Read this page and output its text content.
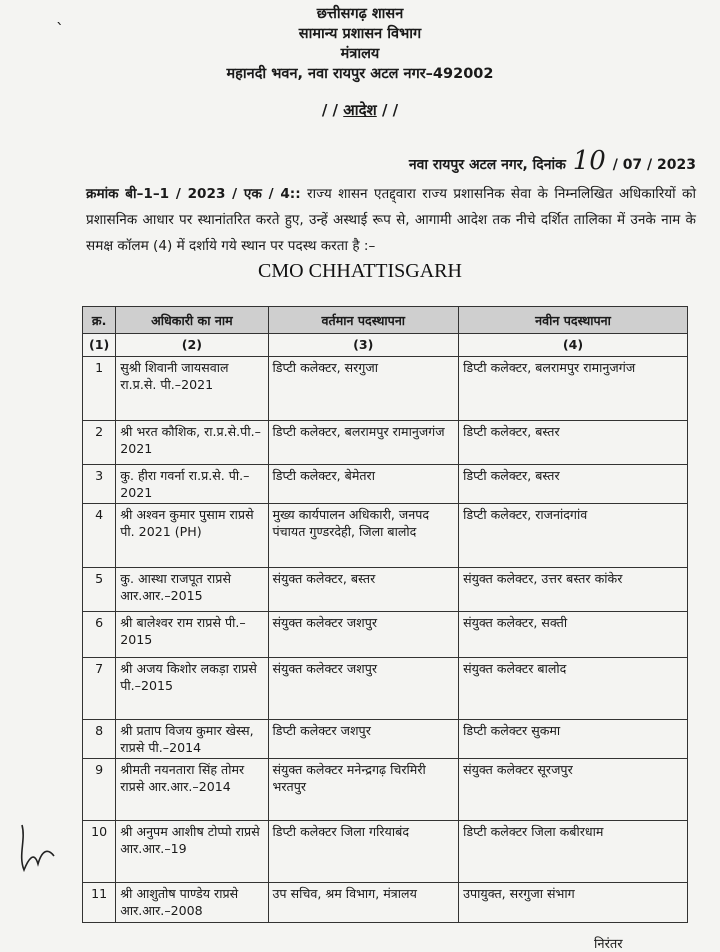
ˎ	छत्तीसगढ़ शासन
सामान्य प्रशासन विभाग
मंत्रालय
महानदी भवन, नवा रायपुर अटल नगर–492002
/ / आदेश / /
नवा रायपुर अटल नगर, दिनांक 10 / 07 / 2023
क्रमांक बी–1–1 / 2023 / एक / 4:: राज्य शासन एतद्द्वारा राज्य प्रशासनिक सेवा के निम्नलिखित अधिकारियों को प्रशासनिक आधार पर स्थानांतरित करते हुए, उन्हें अस्थाई रूप से, आगामी आदेश तक नीचे दर्शित तालिका में उनके नाम के समक्ष कॉलम (4) में दर्शाये गये स्थान पर पदस्थ करता है :–
CMO CHHATTISGARH
क्र.	अधिकारी का नाम	वर्तमान पदस्थापना	नवीन पदस्थापना
(1)	(2)	(3)	(4)
1	सुश्री शिवानी जायसवाल रा.प्र.से. पी.–2021	डिप्टी कलेक्टर, सरगुजा	डिप्टी कलेक्टर, बलरामपुर रामानुजगंज
2	श्री भरत कौशिक, रा.प्र.से.पी.–2021	डिप्टी कलेक्टर, बलरामपुर रामानुजगंज	डिप्टी कलेक्टर, बस्तर
3	कु. हीरा गवर्ना रा.प्र.से. पी.–2021	डिप्टी कलेक्टर, बेमेतरा	डिप्टी कलेक्टर, बस्तर
4	श्री अश्वन कुमार पुसाम राप्रसे पी. 2021 (PH)	मुख्य कार्यपालन अधिकारी, जनपद पंचायत गुण्डरदेही, जिला बालोद	डिप्टी कलेक्टर, राजनांदगांव
5	कु. आस्था राजपूत राप्रसे आर.आर.–2015	संयुक्त कलेक्टर, बस्तर	संयुक्त कलेक्टर, उत्तर बस्तर कांकेर
6	श्री बालेश्वर राम राप्रसे पी.–2015	संयुक्त कलेक्टर जशपुर	संयुक्त कलेक्टर, सक्ती
7	श्री अजय किशोर लकड़ा राप्रसे पी.–2015	संयुक्त कलेक्टर जशपुर	संयुक्त कलेक्टर बालोद
8	श्री प्रताप विजय कुमार खेस्स, राप्रसे पी.–2014	डिप्टी कलेक्टर जशपुर	डिप्टी कलेक्टर सुकमा
9	श्रीमती नयनतारा सिंह तोमर राप्रसे आर.आर.–2014	संयुक्त कलेक्टर मनेन्द्रगढ़ चिरमिरी भरतपुर	संयुक्त कलेक्टर सूरजपुर
10	श्री अनुपम आशीष टोप्पो राप्रसे आर.आर.–19	डिप्टी कलेक्टर जिला गरियाबंद	डिप्टी कलेक्टर जिला कबीरधाम
11	श्री आशुतोष पाण्डेय राप्रसे आर.आर.–2008	उप सचिव, श्रम विभाग, मंत्रालय	उपायुक्त, सरगुजा संभाग
निरंतर
